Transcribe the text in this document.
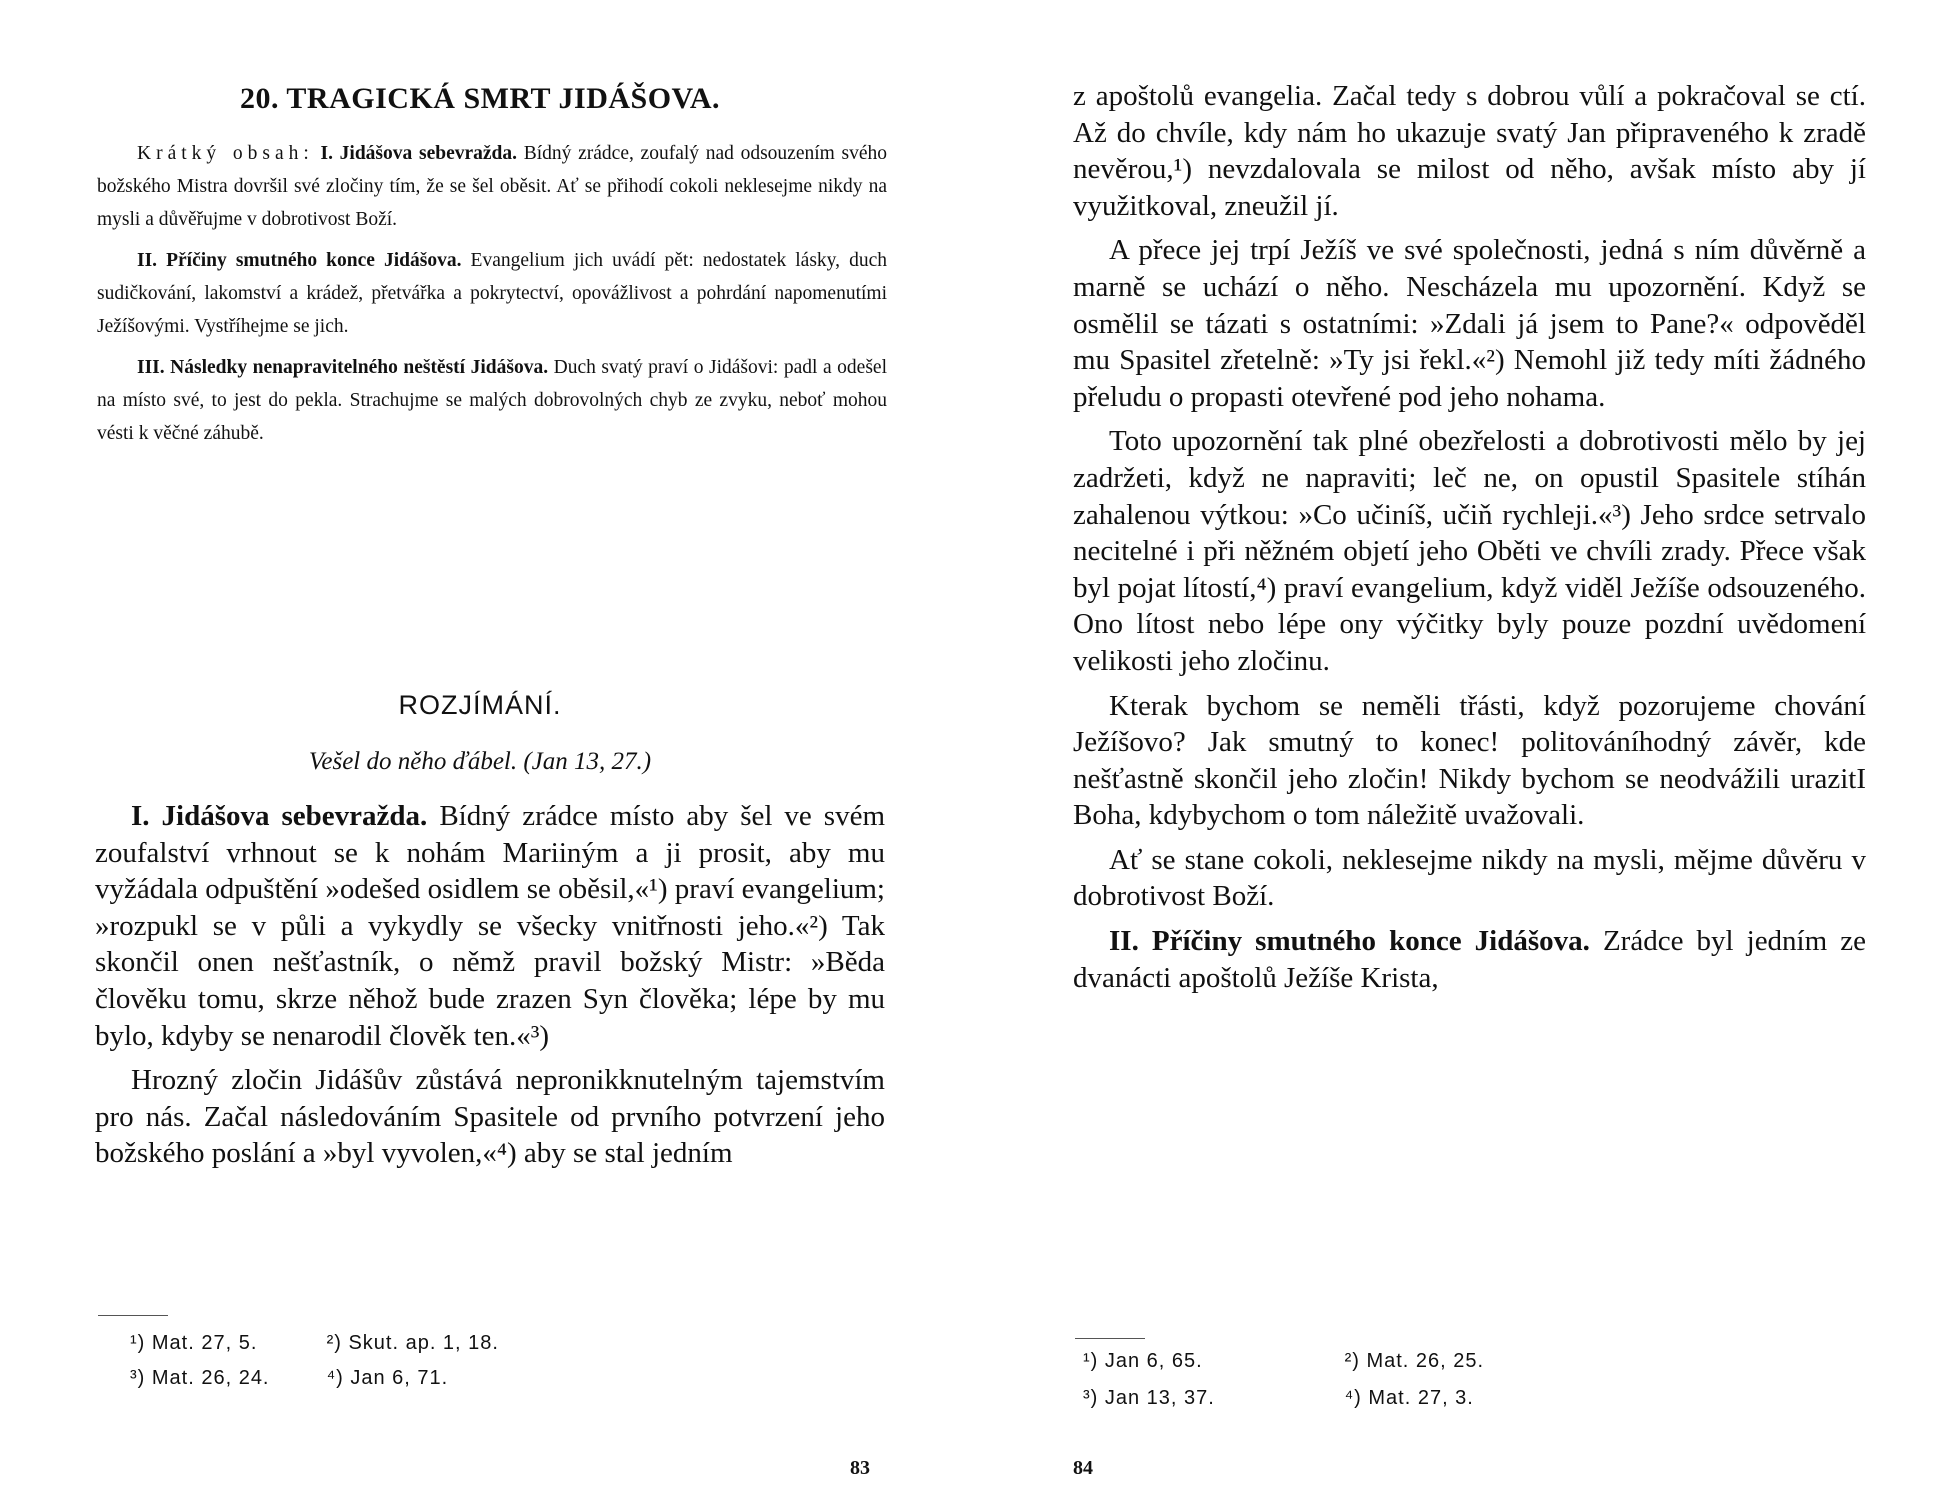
20. TRAGICKÁ SMRT JIDÁŠOVA.

Krátký obsah: I. Jidášova sebevražda. Bídný zrádce, zoufalý nad odsouzením svého božského Mistra dovršil své zločiny tím, že se šel oběsit. Ať se přihodí cokoli neklesejme nikdy na mysli a důvěřujme v dobrotivost Boží.

II. Příčiny smutného konce Jidášova. Evangelium jich uvádí pět: nedostatek lásky, duch sudičkování, lakomství a krádež, přetvářka a pokrytectví, opovážlivost a pohrdání napomenutími Ježíšovými. Vystříhejme se jich.

III. Následky nenapravitelného neštěstí Jidášova. Duch svatý praví o Jidášovi: padl a odešel na místo své, to jest do pekla. Strachujme se malých dobrovolných chyb ze zvyku, neboť mohou vésti k věčné záhubě.

ROZJÍMÁNÍ.
Vešel do něho ďábel. (Jan 13, 27.)

I. Jidášova sebevražda. Bídný zrádce místo aby šel ve svém zoufalství vrhnout se k nohám Mariiným a ji prosit, aby mu vyžádala odpuštění »odešed osidlem se oběsil,«¹) praví evangelium; »rozpukl se v půli a vykydly se všecky vnitřnosti jeho.«²) Tak skončil onen nešťastník, o němž pravil božský Mistr: »Běda člověku tomu, skrze něhož bude zrazen Syn člověka; lépe by mu bylo, kdyby se nenarodil člověk ten.«³)

Hrozný zločin Jidášův zůstává nepronikknutelným tajemstvím pro nás. Začal následováním Spasitele od prvního potvrzení jeho božského poslání a »byl vyvolen,«⁴) aby se stal jedním

¹) Mat. 27, 5.	²) Skut. ap. 1, 18.
³) Mat. 26, 24.	⁴) Jan 6, 71.
83

z apoštolů evangelia. Začal tedy s dobrou vůlí a pokračoval se ctí. Až do chvíle, kdy nám ho ukazuje svatý Jan připraveného k zradě nevěrou,¹) nevzdalovala se milost od něho, avšak místo aby jí využitkoval, zneužil jí.

A přece jej trpí Ježíš ve své společnosti, jedná s ním důvěrně a marně se uchází o něho. Nescházela mu upozornění. Když se osmělil se tázati s ostatními: »Zdali já jsem to Pane?« odpověděl mu Spasitel zřetelně: »Ty jsi řekl.«²) Nemohl již tedy míti žádného přeludu o propasti otevřené pod jeho nohama.

Toto upozornění tak plné obezřelosti a dobrotivosti mělo by jej zadržeti, když ne napraviti; leč ne, on opustil Spasitele stíhán zahalenou výtkou: »Co učiníš, učiň rychleji.«³) Jeho srdce setrvalo necitelné i při něžném objetí jeho Oběti ve chvíli zrady. Přece však byl pojat lítostí,⁴) praví evangelium, když viděl Ježíše odsouzeného. Ono lítost nebo lépe ony výčitky byly pouze pozdní uvědomení velikosti jeho zločinu.

Kterak bychom se neměli třásti, když pozorujeme chování Ježíšovo? Jak smutný to konec! politováníhodný závěr, kde nešťastně skončil jeho zločin! Nikdy bychom se neodvážili urazitI Boha, kdybychom o tom náležitě uvažovali.

Ať se stane cokoli, neklesejme nikdy na mysli, mějme důvěru v dobrotivost Boží.

II. Příčiny smutného konce Jidášova. Zrádce byl jedním ze dvanácti apoštolů Ježíše Krista,

¹) Jan 6, 65.	²) Mat. 26, 25.
³) Jan 13, 37.	⁴) Mat. 27, 3.
84
